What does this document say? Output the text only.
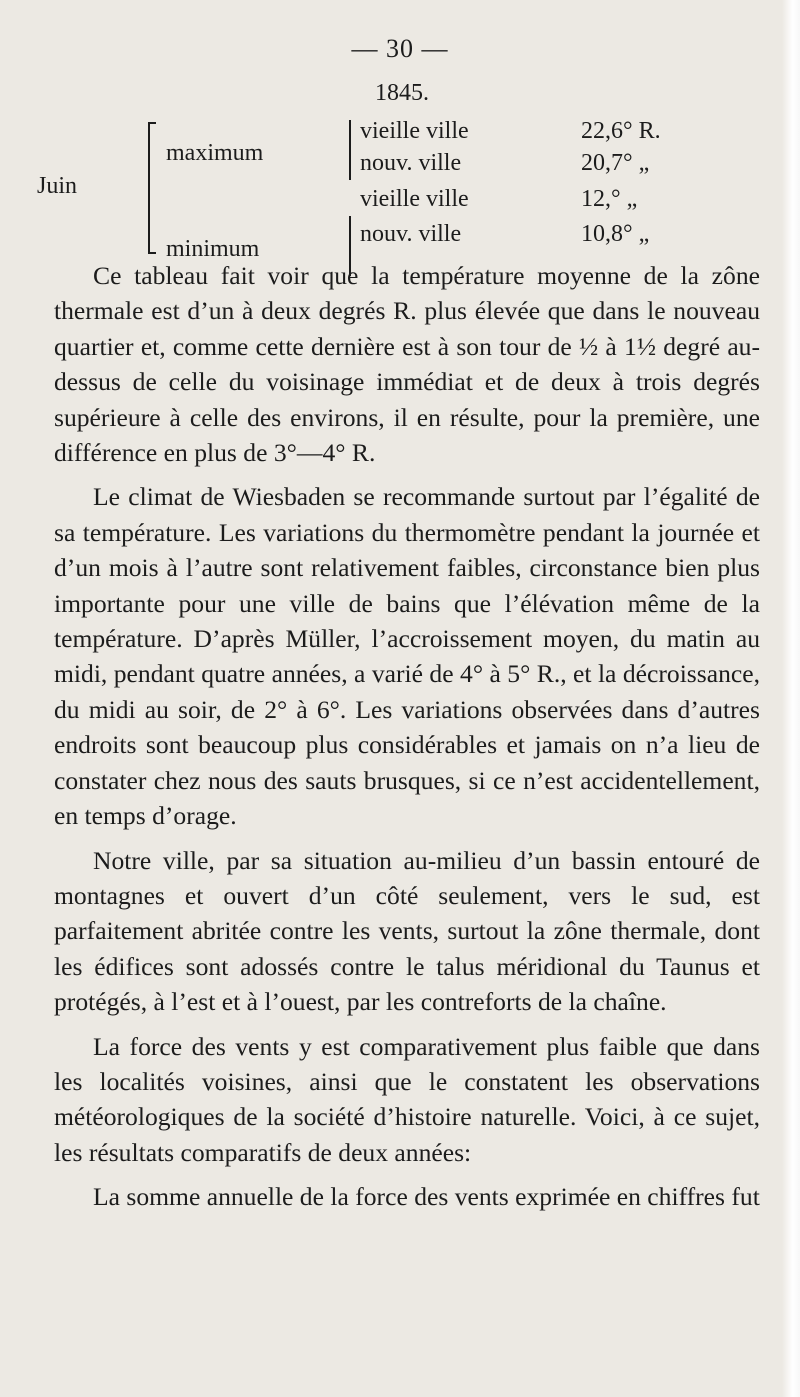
— 30 —
1845.
Juin
maximum
minimum
vieille ville
nouv. ville
vieille ville
nouv. ville
22,6° R.
20,7° „
12,° „
10,8° „

Ce tableau fait voir que la température moyenne de la zône thermale est d’un à deux degrés R. plus élevée que dans le nouveau quartier et, comme cette dernière est à son tour de ½ à 1½ degré au-dessus de celle du voisinage immédiat et de deux à trois degrés supérieure à celle des environs, il en résulte, pour la première, une différence en plus de 3°—4° R.

Le climat de Wiesbaden se recommande surtout par l’égalité de sa température. Les variations du thermomètre pendant la journée et d’un mois à l’autre sont relativement faibles, circonstance bien plus importante pour une ville de bains que l’élévation même de la température. D’après Müller, l’accroissement moyen, du matin au midi, pendant quatre années, a varié de 4° à 5° R., et la décroissance, du midi au soir, de 2° à 6°. Les variations observées dans d’autres endroits sont beaucoup plus considérables et jamais on n’a lieu de constater chez nous des sauts brusques, si ce n’est accidentellement, en temps d’orage.

Notre ville, par sa situation au-milieu d’un bassin entouré de montagnes et ouvert d’un côté seulement, vers le sud, est parfaitement abritée contre les vents, surtout la zône thermale, dont les édifices sont adossés contre le talus méridional du Taunus et protégés, à l’est et à l’ouest, par les contreforts de la chaîne.

La force des vents y est comparativement plus faible que dans les localités voisines, ainsi que le constatent les observations météorologiques de la société d’histoire naturelle. Voici, à ce sujet, les résultats comparatifs de deux années:

La somme annuelle de la force des vents exprimée en chiffres fut
